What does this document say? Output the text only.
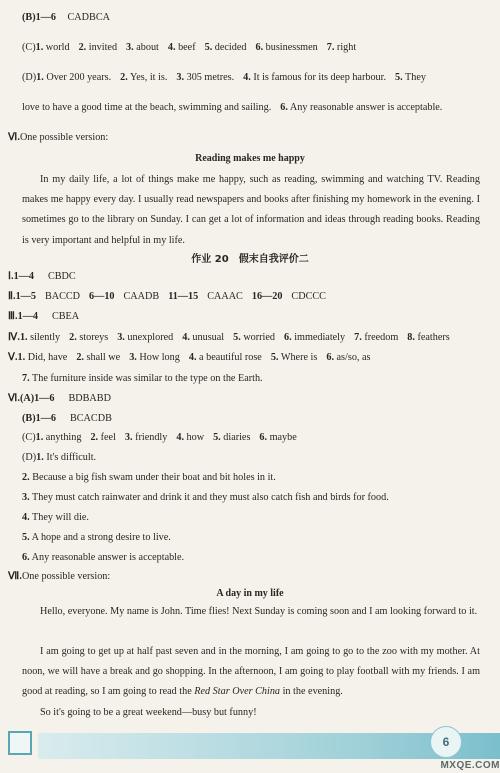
(B)1—6 CADBCA
(C)1. world 2. invited 3. about 4. beef 5. decided 6. businessmen 7. right
(D)1. Over 200 years. 2. Yes, it is. 3. 305 metres. 4. It is famous for its deep harbour. 5. They
love to have a good time at the beach, swimming and sailing. 6. Any reasonable answer is acceptable.
Ⅵ.One possible version:
Reading makes me happy
In my daily life, a lot of things make me happy, such as reading, swimming and watching TV. Reading makes me happy every day. I usually read newspapers and books after finishing my homework in the evening. I sometimes go to the library on Sunday. I can get a lot of information and ideas through reading books. Reading is very important and helpful in my life.
作业 20　假末自我评价二
Ⅰ.1—4 CBDC
Ⅱ.1—5 BACCD 6—10 CAADB 11—15 CAAAC 16—20 CDCCC
Ⅲ.1—4 CBEA
Ⅳ.1. silently 2. storeys 3. unexplored 4. unusual 5. worried 6. immediately 7. freedom 8. feathers
Ⅴ.1. Did, have 2. shall we 3. How long 4. a beautiful rose 5. Where is 6. as/so, as
7. The furniture inside was similar to the type on the Earth.
Ⅵ.(A)1—6 BDBABD
(B)1—6 BCACDB
(C)1. anything 2. feel 3. friendly 4. how 5. diaries 6. maybe
(D)1. It's difficult.
2. Because a big fish swam under their boat and bit holes in it.
3. They must catch rainwater and drink it and they must also catch fish and birds for food.
4. They will die.
5. A hope and a strong desire to live.
6. Any reasonable answer is acceptable.
Ⅶ.One possible version:
A day in my life
Hello, everyone. My name is John. Time flies! Next Sunday is coming soon and I am looking forward to it.
I am going to get up at half past seven and in the morning, I am going to go to the zoo with my mother. At noon, we will have a break and go shopping. In the afternoon, I am going to play football with my friends. I am good at reading, so I am going to read the Red Star Over China in the evening.
So it's going to be a great weekend—busy but funny!
6
MXQE.COM
